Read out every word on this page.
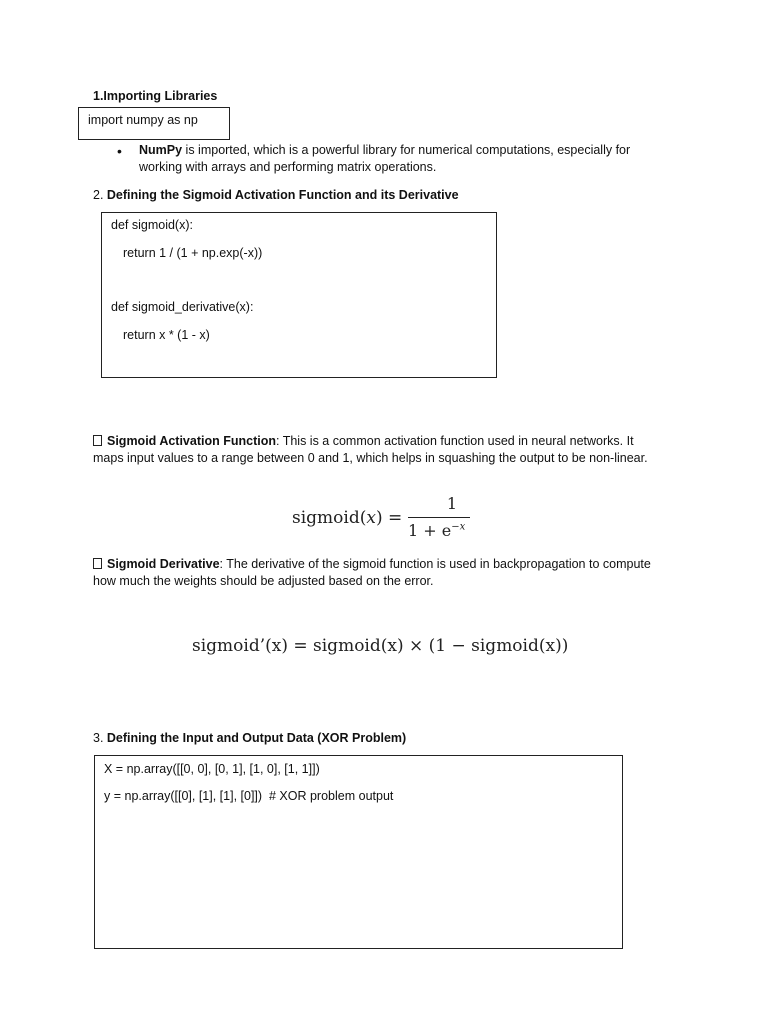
1.Importing Libraries
import numpy as np
• NumPy is imported, which is a powerful library for numerical computations, especially for
working with arrays and performing matrix operations.
2. Defining the Sigmoid Activation Function and its Derivative
def sigmoid(x):
return 1 / (1 + np.exp(-x))
def sigmoid_derivative(x):
return x * (1 - x)
Sigmoid Activation Function: This is a common activation function used in neural networks. It
maps input values to a range between 0 and 1, which helps in squashing the output to be non-linear.
sigmoid(x) =
1
$1 + e^{-x}$
Sigmoid Derivative: The derivative of the sigmoid function is used in backpropagation to compute
how much the weights should be adjusted based on the error.
sigmoid’(x) = sigmoid(x) × (1 − sigmoid(x))
3. Defining the Input and Output Data (XOR Problem)
X = np.array([[0, 0], [0, 1], [1, 0], [1, 1]])
y = np.array([[0], [1], [1], [0]])  # XOR problem output
